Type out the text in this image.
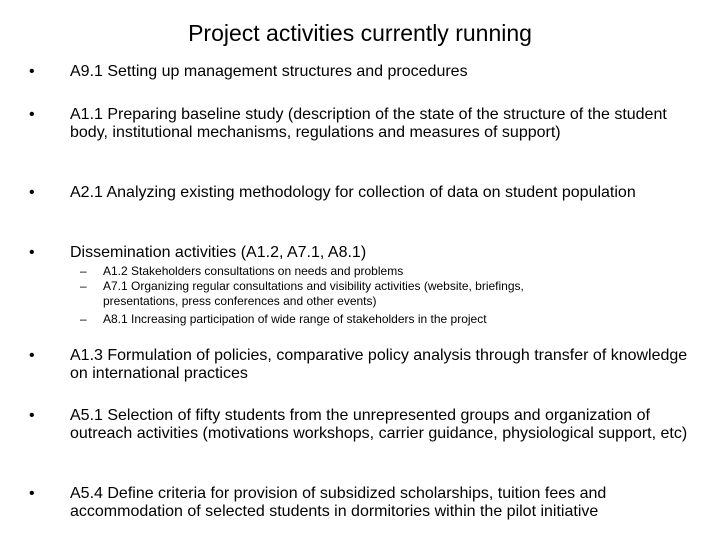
Project activities currently running
• A9.1 Setting up management structures and procedures
• A1.1 Preparing baseline study (description of the state of the structure of the student body, institutional mechanisms, regulations and measures of support)
• A2.1 Analyzing existing methodology for collection of data on student population
• Dissemination activities (A1.2, A7.1, A8.1)
– A1.2 Stakeholders consultations on needs and problems
– A7.1 Organizing regular consultations and visibility activities (website, briefings, presentations, press conferences and other events)
– A8.1 Increasing participation of wide range of stakeholders in the project
• A1.3 Formulation of policies, comparative policy analysis through transfer of knowledge on international practices
• A5.1 Selection of fifty students from the unrepresented groups and organization of outreach activities (motivations workshops, carrier guidance, physiological support, etc)
• A5.4 Define criteria for provision of subsidized scholarships, tuition fees and accommodation of selected students in dormitories within the pilot initiative
